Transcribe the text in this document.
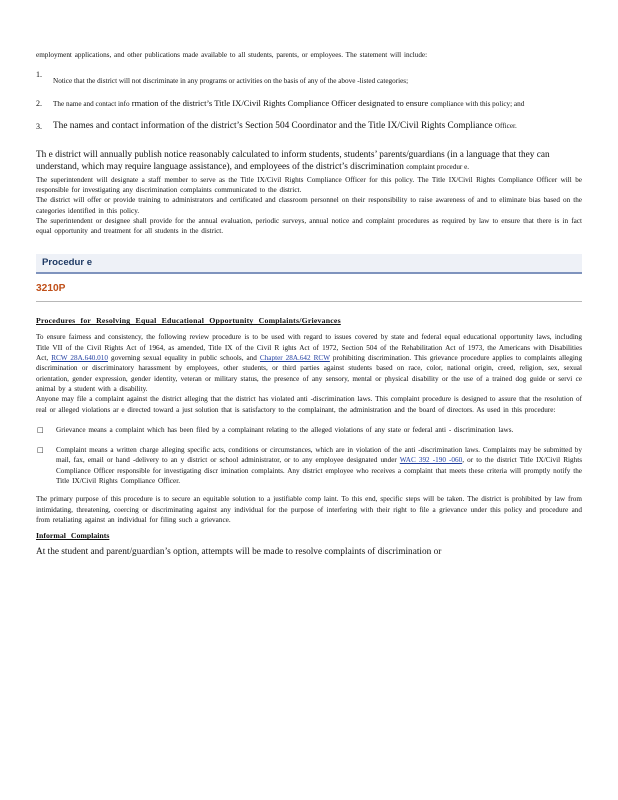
employment applications, and other publications made available to all students, parents, or employees. The statement will include:
1.
Notice that the district will not discriminate in any programs or activities on the basis of any of the above -listed categories;
2. The name and contact info rmation of the district’s Title IX/Civil Rights Compliance Officer designated to ensure compliance with this policy; and
3. The names and contact information of the district’s Section 504 Coordinator and the Title IX/Civil Rights Compliance Officer.
Th e district will annually publish notice reasonably calculated to inform students, students’ parents/guardians (in a language that they can understand, which may require language assistance), and employees of the district’s discrimination complaint procedur e.
The superintendent will designate a staff member to serve as the Title IX/Civil Rights Compliance Officer for this policy. The Title IX/Civil Rights Compliance Officer will be responsible for investigating any discrimination complaints communicated to the district.
The district will offer or provide training to administrators and certificated and classroom personnel on their responsibility to raise awareness of and to eliminate bias based on the categories identified in this policy.
The superintendent or designee shall provide for the annual evaluation, periodic surveys, annual notice and complaint procedures as required by law to ensure that there is in fact equal opportunity and treatment for all students in the district.
Procedur e
3210P
Procedures for Resolving Equal Educational Opportunity Complaints/Grievances
To ensure fairness and consistency, the following review procedure is to be used with regard to issues covered by state and federal equal educational opportunity laws, including Title VII of the Civil Rights Act of 1964, as amended, Title IX of the Civil R ights Act of 1972, Section 504 of the Rehabilitation Act of 1973, the Americans with Disabilities Act, RCW 28A.640.010 governing sexual equality in public schools, and Chapter 28A.642 RCW prohibiting discrimination. This grievance procedure applies to complaints alleging discrimination or discriminatory harassment by employees, other students, or third parties against students based on race, color, national origin, creed, religion, sex, sexual orientation, gender expression, gender identity, veteran or military status, the presence of any sensory, mental or physical disability or the use of a trained dog guide or servi ce animal by a student with a disability.
Anyone may file a complaint against the district alleging that the district has violated anti -discrimination laws. This complaint procedure is designed to assure that the resolution of real or alleged violations ar e directed toward a just solution that is satisfactory to the complainant, the administration and the board of directors. As used in this procedure:
□ Grievance means a complaint which has been filed by a complainant relating to the alleged violations of any state or federal anti - discrimination laws.
□ Complaint means a written charge alleging specific acts, conditions or circumstances, which are in violation of the anti -discrimination laws. Complaints may be submitted by mail, fax, email or hand -delivery to an y district or school administrator, or to any employee designated under WAC 392 -190 -060, or to the district Title IX/Civil Rights Compliance Officer responsible for investigating discr imination complaints. Any district employee who receives a complaint that meets these criteria will promptly notify the Title IX/Civil Rights Compliance Officer.
The primary purpose of this procedure is to secure an equitable solution to a justifiable comp laint. To this end, specific steps will be taken. The district is prohibited by law from intimidating, threatening, coercing or discriminating against any individual for the purpose of interfering with their right to file a grievance under this policy and procedure and from retaliating against an individual for filing such a grievance.
Informal Complaints
At the student and parent/guardian’s option, attempts will be made to resolve complaints of discrimination or
